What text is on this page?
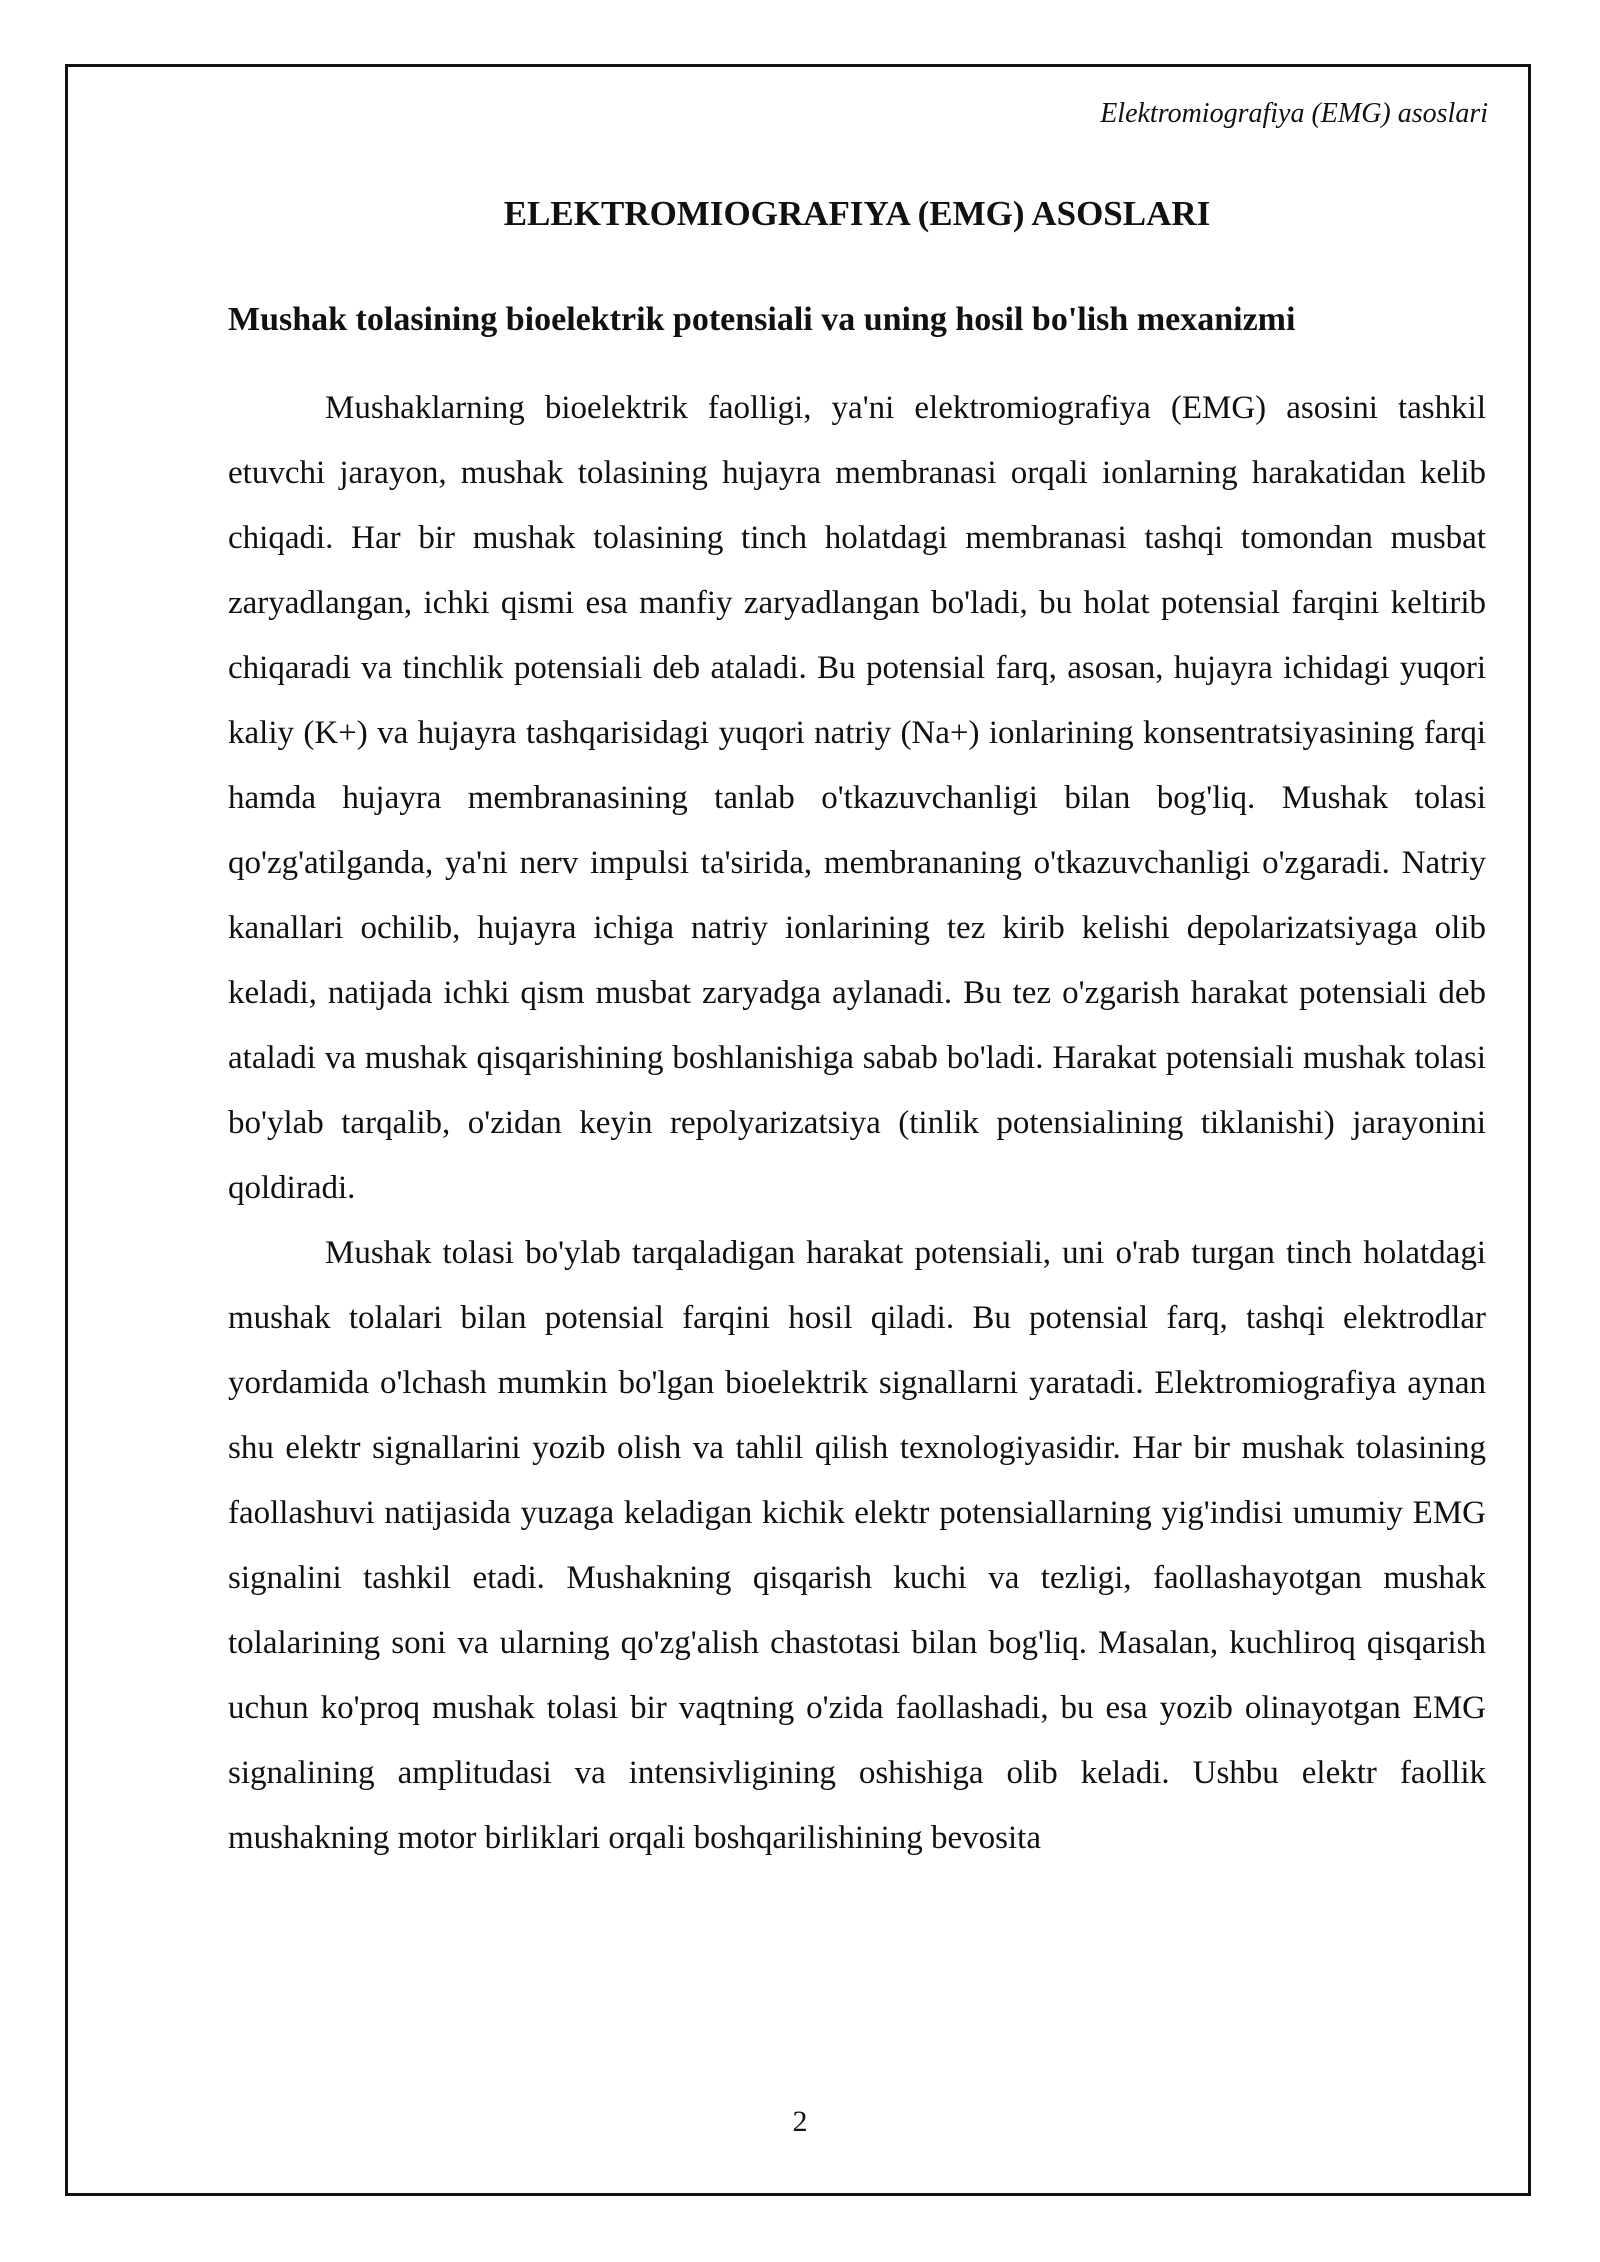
Elektromiografiya (EMG) asoslari
ELEKTROMIOGRAFIYA (EMG) ASOSLARI
Mushak tolasining bioelektrik potensiali va uning hosil bo'lish mexanizmi

Mushaklarning bioelektrik faolligi, ya'ni elektromiografiya (EMG) asosini tashkil etuvchi jarayon, mushak tolasining hujayra membranasi orqali ionlarning harakatidan kelib chiqadi. Har bir mushak tolasining tinch holatdagi membranasi tashqi tomondan musbat zaryadlangan, ichki qismi esa manfiy zaryadlangan bo'ladi, bu holat potensial farqini keltirib chiqaradi va tinchlik potensiali deb ataladi. Bu potensial farq, asosan, hujayra ichidagi yuqori kaliy (K+) va hujayra tashqarisidagi yuqori natriy (Na+) ionlarining konsentratsiyasining farqi hamda hujayra membranasining tanlab o'tkazuvchanligi bilan bog'liq. Mushak tolasi qo'zg'atilganda, ya'ni nerv impulsi ta'sirida, membrananing o'tkazuvchanligi o'zgaradi. Natriy kanallari ochilib, hujayra ichiga natriy ionlarining tez kirib kelishi depolarizatsiyaga olib keladi, natijada ichki qism musbat zaryadga aylanadi. Bu tez o'zgarish harakat potensiali deb ataladi va mushak qisqarishining boshlanishiga sabab bo'ladi. Harakat potensiali mushak tolasi bo'ylab tarqalib, o'zidan keyin repolyarizatsiya (tinlik potensialining tiklanishi) jarayonini qoldiradi.

Mushak tolasi bo'ylab tarqaladigan harakat potensiali, uni o'rab turgan tinch holatdagi mushak tolalari bilan potensial farqini hosil qiladi. Bu potensial farq, tashqi elektrodlar yordamida o'lchash mumkin bo'lgan bioelektrik signallarni yaratadi. Elektromiografiya aynan shu elektr signallarini yozib olish va tahlil qilish texnologiyasidir. Har bir mushak tolasining faollashuvi natijasida yuzaga keladigan kichik elektr potensiallarning yig'indisi umumiy EMG signalini tashkil etadi. Mushakning qisqarish kuchi va tezligi, faollashayotgan mushak tolalarining soni va ularning qo'zg'alish chastotasi bilan bog'liq. Masalan, kuchliroq qisqarish uchun ko'proq mushak tolasi bir vaqtning o'zida faollashadi, bu esa yozib olinayotgan EMG signalining amplitudasi va intensivligining oshishiga olib keladi. Ushbu elektr faollik mushakning motor birliklari orqali boshqarilishining bevosita

2
